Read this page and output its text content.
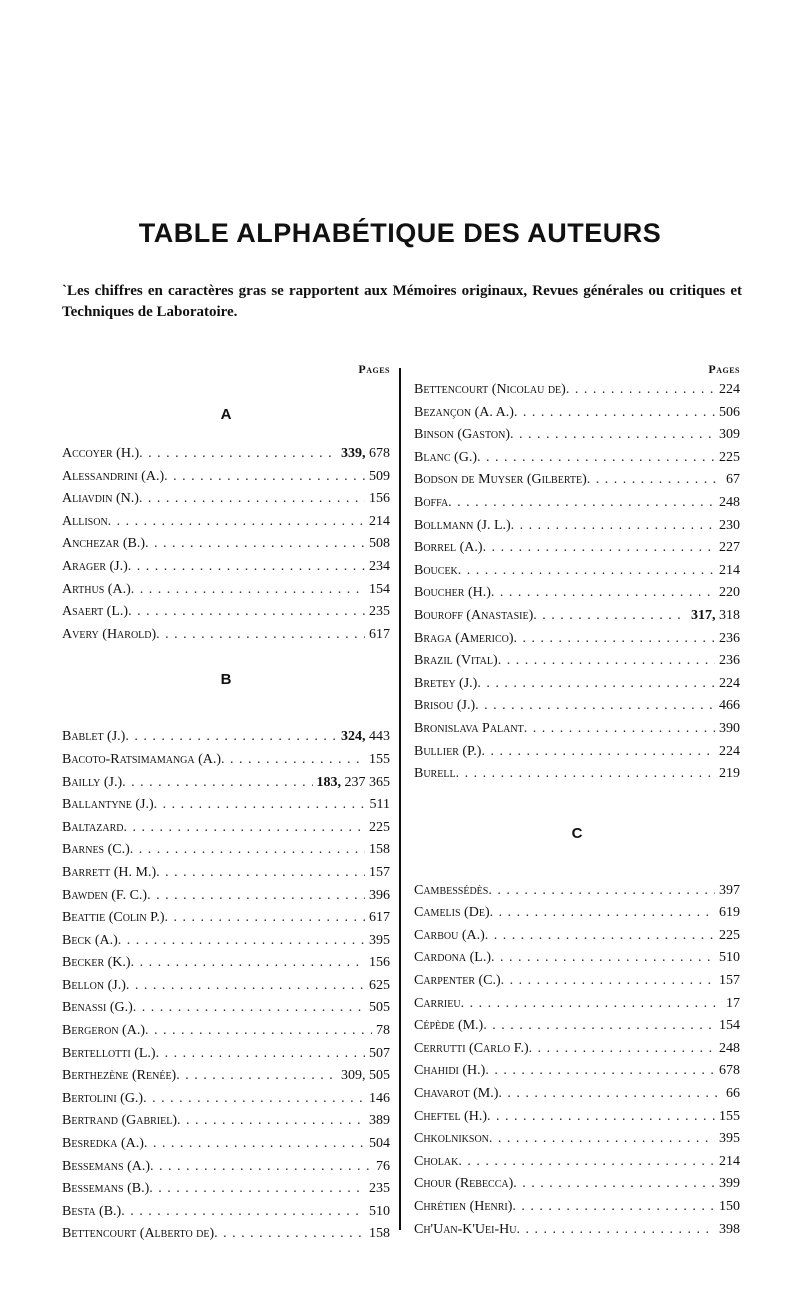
TABLE ALPHABÉTIQUE DES AUTEURS
`Les chiffres en caractères gras se rapportent aux Mémoires originaux, Revues générales ou critiques et Techniques de Laboratoire.
Pages
A
Accoyer (H.) . . .	339, 678
Alessandrini (A.) . . .	509
Aliavdin (N.) . . .	156
Allison . . .	214
Anchezar (B.) . . .	508
Arager (J.) . . .	234
Arthus (A.) . . .	154
Asaert (L.) . . .	235
Avery (Harold) . . .	617
B
Bablet (J.) . . .	324, 443
Bacoto-Ratsimamanga (A.) . . .	155
Bailly (J.) . . .	183, 237 365
Ballantyne (J.) . . .	511
Baltazard . . .	225
Barnes (C.) . . .	158
Barrett (H. M.) . . .	157
Bawden (F. C.) . . .	396
Beattie (Colin P.) . . .	617
Beck (A.) . . .	395
Becker (K.) . . .	156
Bellon (J.) . . .	625
Benassi (G.) . . .	505
Bergeron (A.) . . .	78
Bertellotti (L.) . . .	507
Berthezène (Renée) . . .	309, 505
Bertolini (G.) . . .	146
Bertrand (Gabriel) . . .	389
Besredka (A.) . . .	504
Bessemans (A.) . . .	76
Bessemans (B.) . . .	235
Besta (B.) . . .	510
Bettencourt (Alberto de) . . .	158
Pages
Bettencourt (Nicolau de) . . .	224
Bezançon (A. A.) . . .	506
Binson (Gaston) . . .	309
Blanc (G.) . . .	225
Bodson de Muyser (Gilberte) . . .	67
Boffa . . .	248
Bollmann (J. L.) . . .	230
Borrel (A.) . . .	227
Boucek . . .	214
Boucher (H.) . . .	220
Bouroff (Anastasie) . . .	317, 318
Braga (Americo) . . .	236
Brazil (Vital) . . .	236
Bretey (J.) . . .	224
Brisou (J.) . . .	466
Bronislava Palant . . .	390
Bullier (P.) . . .	224
Burell . . .	219
C
Cambessédès . . .	397
Camelis (De) . . .	619
Carbou (A.) . . .	225
Cardona (L.) . . .	510
Carpenter (C.) . . .	157
Carrieu . . .	17
Cépède (M.) . . .	154
Cerrutti (Carlo F.) . . .	248
Chahidi (H.) . . .	678
Chavarot (M.) . . .	66
Cheftel (H.) . . .	155
Chkolnikson . . .	395
Cholak . . .	214
Chour (Rebecca) . . .	399
Chrétien (Henri) . . .	150
Ch'Uan-K'Uei-Hu . . .	398
